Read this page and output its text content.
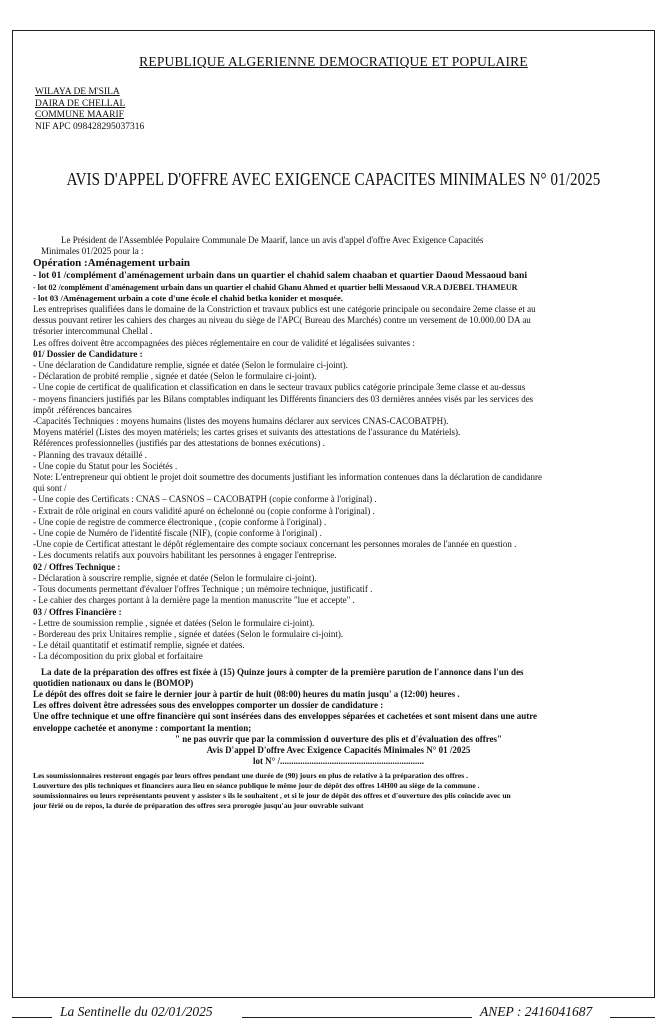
REPUBLIQUE ALGERIENNE DEMOCRATIQUE ET POPULAIRE
WILAYA DE M'SILA
DAIRA DE CHELLAL
COMMUNE MAARIF
NIF APC 098428295037316
AVIS D'APPEL D'OFFRE AVEC EXIGENCE CAPACITES MINIMALES N° 01/2025
Le Président de l'Assemblée Populaire Communale De Maarif, lance un avis d'appel d'offre Avec Exigence Capacités
Minimales 01/2025 pour la :
Opération :Aménagement urbain
- lot 01 /complément d'aménagement urbain dans un quartier el chahid salem chaaban et quartier Daoud Messaoud bani
- lot 02 /complément d'aménagement urbain dans un quartier el chahid Ghanu Ahmed et quartier belli Messaoud V.R.A DJEBEL THAMEUR
- lot 03 /Aménagement urbain a cote d'une école el chahid betka konider et mosquée.
Les entreprises qualifiées dans le domaine de la Constriction et travaux publics est une catégorie principale ou secondaire 2eme classe et au
dessus pouvant retirer les cahiers des charges au niveau du siège de l'APC( Bureau des Marchés) contre un versement de 10.000.00 DA au
trésorier intercommunal Chellal .
Les offres doivent être accompagnées des pièces réglementaire en cour de validité et légalisées suivantes :
01/ Dossier de Candidature :
- Une déclaration de Candidature remplie, signée et datée (Selon le formulaire ci-joint).
- Déclaration de probité remplie , signée et datée (Selon le formulaire ci-joint).
- Une copie de certificat de qualification et classification en dans le secteur travaux publics catégorie principale 3eme classe et au-dessus
- moyens financiers justifiés par les Bilans comptables indiquant les Différents financiers des 03 dernières années visés par les services des
impôt .références bancaires
-Capacités Techniques : moyens humains (listes des moyens humains déclarer aux services CNAS-CACOBATPH).
Moyens matériel (Listes des moyen matériels; les cartes grises et suivants des attestations de l'assurance du Matériels).
Références professionnelles (justifiés par des attestations de bonnes exécutions) .
- Planning des travaux détaillé .
- Une copie du Statut pour les Sociétés .
Note: L'entrepreneur qui obtient le projet doit soumettre des documents justifiant les information contenues dans la déclaration de candidanre
qui sont /
- Une copie des Certificats : CNAS – CASNOS – CACOBATPH (copie conforme à l'original) .
- Extrait de rôle original en cours validité apuré on échelonné ou (copie conforme à l'original) .
- Une copie de registre de commerce électronique , (copie conforme à l'original) .
- Une copie de Numéro de l'identité fiscale (NIF), (copie conforme à l'original) .
-Une copie de Certificat attestant le dépôt réglementaire des compte sociaux concernant les personnes morales de l'année en question .
- Les documents relatifs aux pouvoirs habilitant les personnes à engager l'entreprise.
02 / Offres Technique :
- Déclaration à souscrire remplie, signée et datée (Selon le formulaire ci-joint).
- Tous documents permettant d'évaluer l'offres Technique ; un mémoire technique, justificatif .
- Le cahier des charges portant à la dernière page la mention manuscrite "lue et accepte" .
03 / Offres Financière :
- Lettre de soumission remplie , signée et datées (Selon le formulaire ci-joint).
- Bordereau des prix Unitaires remplie , signée et datées (Selon le formulaire ci-joint).
- Le détail quantitatif et estimatif remplie, signée et datées.
- La décomposition du prix global et forfaitaire
La date de la préparation des offres est fixée à (15) Quinze jours à compter de la première parution de l'annonce dans l'un des
quotidien nationaux ou dans le (BOMOP)
Le dépôt des offres doit se faire le dernier jour à partir de huit (08:00) heures du matin jusqu' a (12:00) heures .
Les offres doivent être adressées sous des enveloppes comporter un dossier de candidature :
Une offre technique et une offre financière qui sont insérées dans des enveloppes séparées et cachetées et sont misent dans une autre
enveloppe cachetée et anonyme : comportant la mention;
" ne pas ouvrir que par la commission d ouverture des plis et d'évaluation des offres"
Avis D'appel D'offre Avec Exigence Capacités Minimales N° 01 /2025
lot N° /................................................................
Les soumissionnaires resteront engagés par leurs offres pendant une durée de (90) jours en plus de relative à la préparation des offres .
Louverture des plis techniques et financiers aura lieu en séance publique le même jour de dépôt des offres 14H00 au siège de la commune .
soumissionnaires ou leurs représentants peuvent y assister s ils le souhaitent , et si le jour de dépôt des offres et d'ouverture des plis coïncide avec un
jour férié ou de repos, la durée de préparation des offres sera prorogée jusqu'au jour ouvrable suivant
La Sentinelle du 02/01/2025	ANEP : 2416041687
